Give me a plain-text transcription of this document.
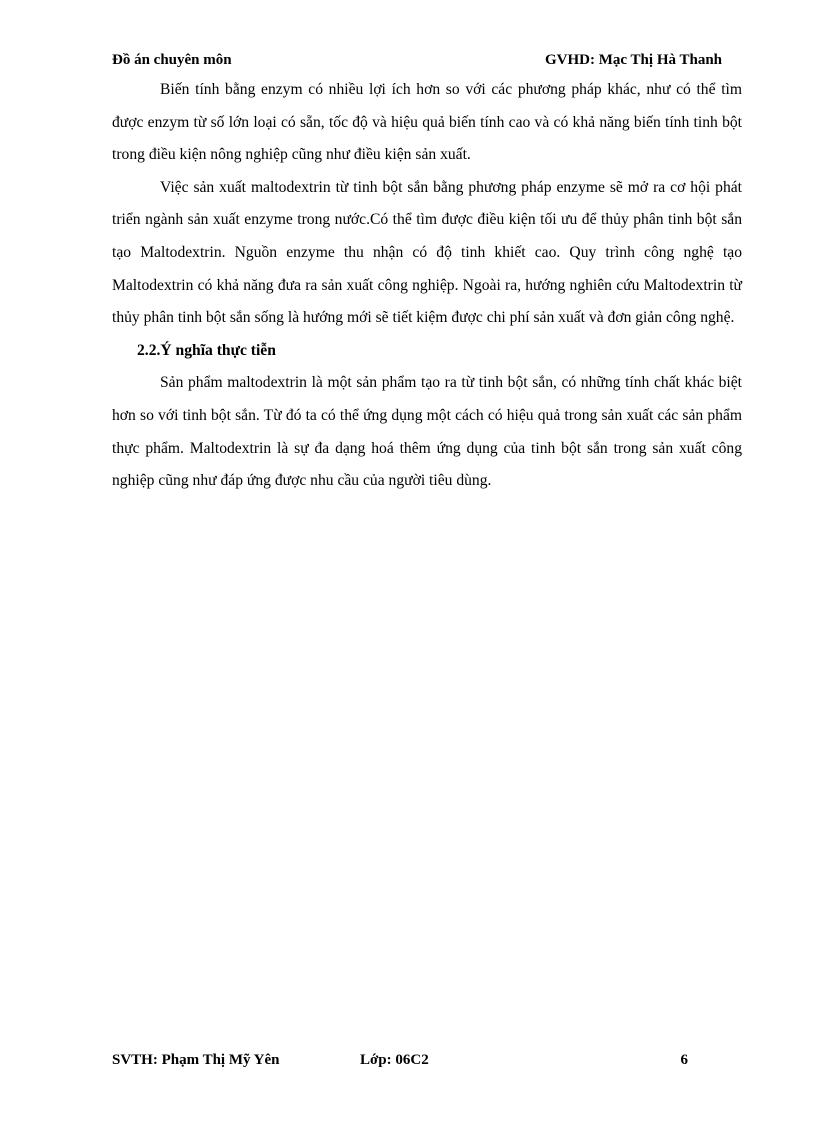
Đồ án chuyên môn	GVHD: Mạc Thị Hà Thanh

Biến tính bằng enzym có nhiều lợi ích hơn so với các phương pháp khác, như có thể tìm được enzym từ số lớn loại có sẵn, tốc độ và hiệu quả biến tính cao và có khả năng biến tính tinh bột trong điều kiện nông nghiệp cũng như điều kiện sản xuất.

Việc sản xuất maltodextrin từ tinh bột sắn bằng phương pháp enzyme sẽ mở ra cơ hội phát triển ngành sản xuất enzyme trong nước.Có thể tìm được điều kiện tối ưu để thủy phân tinh bột sắn tạo Maltodextrin. Nguồn enzyme thu nhận có độ tinh khiết cao. Quy trình công nghệ tạo Maltodextrin có khả năng đưa ra sản xuất công nghiệp. Ngoài ra, hướng nghiên cứu Maltodextrin từ thủy phân tinh bột sắn sống là hướng mới sẽ tiết kiệm được chi phí sản xuất và đơn giản công nghệ.

2.2.Ý nghĩa thực tiễn

Sản phẩm maltodextrin là một sản phẩm tạo ra từ tinh bột sắn, có những tính chất khác biệt hơn so với tinh bột sắn. Từ đó ta có thể ứng dụng một cách có hiệu quả trong sản xuất các sản phẩm thực phẩm. Maltodextrin là sự đa dạng hoá thêm ứng dụng của tinh bột sắn trong sản xuất công nghiệp cũng như đáp ứng được nhu cầu của người tiêu dùng.

SVTH: Phạm Thị Mỹ Yên	Lớp: 06C2	6
